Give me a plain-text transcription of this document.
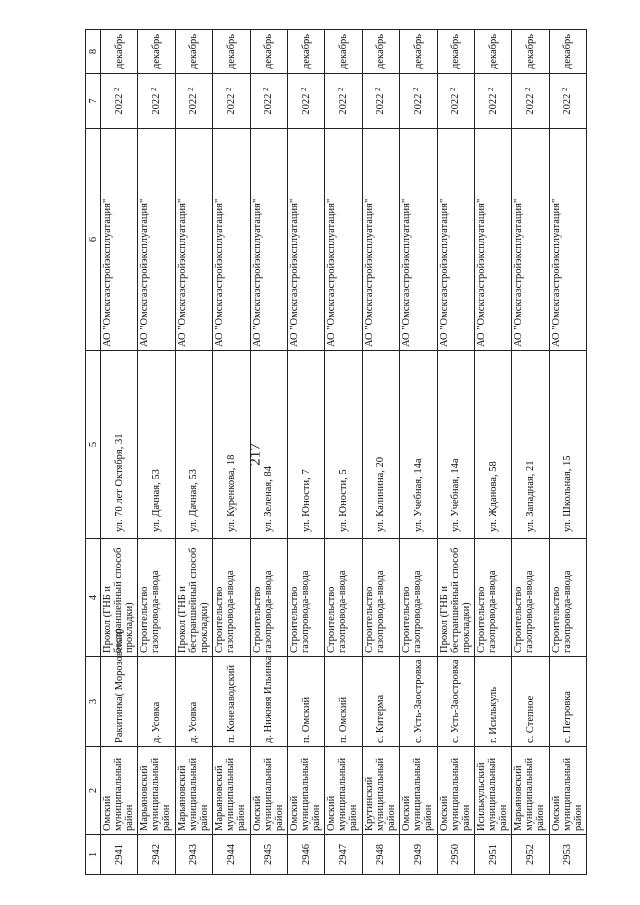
217
1	2	3	4	5	6	7	8
2941	Омский муниципальный район	Ракитинка( Морозовская)	Прокол (ГНБ и бестраншейный способ прокладки)	ул. 70 лет Октября, 31	АО "Омскгазстройэксплуатация"	2022 $^2$	декабрь
2942	Марьяновский муниципальный район	д. Усовка	Строительство газопровода-ввода	ул. Дачная, 53	АО "Омскгазстройэксплуатация"	2022 $^2$	декабрь
2943	Марьяновский муниципальный район	д. Усовка	Прокол (ГНБ и бестраншейный способ прокладки)	ул. Дачная, 53	АО "Омскгазстройэксплуатация"	2022 $^2$	декабрь
2944	Марьяновский муниципальный район	п. Конезаводский	Строительство газопровода-ввода	ул. Куренкова, 18	АО "Омскгазстройэксплуатация"	2022 $^2$	декабрь
2945	Омский муниципальный район	д. Нижняя Ильинка	Строительство газопровода-ввода	ул. Зеленая, 84	АО "Омскгазстройэксплуатация"	2022 $^2$	декабрь
2946	Омский муниципальный район	п. Омский	Строительство газопровода-ввода	ул. Юности, 7	АО "Омскгазстройэксплуатация"	2022 $^2$	декабрь
2947	Омский муниципальный район	п. Омский	Строительство газопровода-ввода	ул. Юности, 5	АО "Омскгазстройэксплуатация"	2022 $^2$	декабрь
2948	Крутинский муниципальный район	с. Китерма	Строительство газопровода-ввода	ул. Калинина, 20	АО "Омскгазстройэксплуатация"	2022 $^2$	декабрь
2949	Омский муниципальный район	с. Усть-Заостровка	Строительство газопровода-ввода	ул. Учебная, 14а	АО "Омскгазстройэксплуатация"	2022 $^2$	декабрь
2950	Омский муниципальный район	с. Усть-Заостровка	Прокол (ГНБ и бестраншейный способ прокладки)	ул. Учебная, 14а	АО "Омскгазстройэксплуатация"	2022 $^2$	декабрь
2951	Исилькульский муниципальный район	г. Исилькуль	Строительство газопровода-ввода	ул. Жданова, 58	АО "Омскгазстройэксплуатация"	2022 $^2$	декабрь
2952	Марьяновский муниципальный район	с. Степное	Строительство газопровода-ввода	ул. Западная, 21	АО "Омскгазстройэксплуатация"	2022 $^2$	декабрь
2953	Омский муниципальный район	с. Петровка	Строительство газопровода-ввода	ул. Школьная, 15	АО "Омскгазстройэксплуатация"	2022 $^2$	декабрь
